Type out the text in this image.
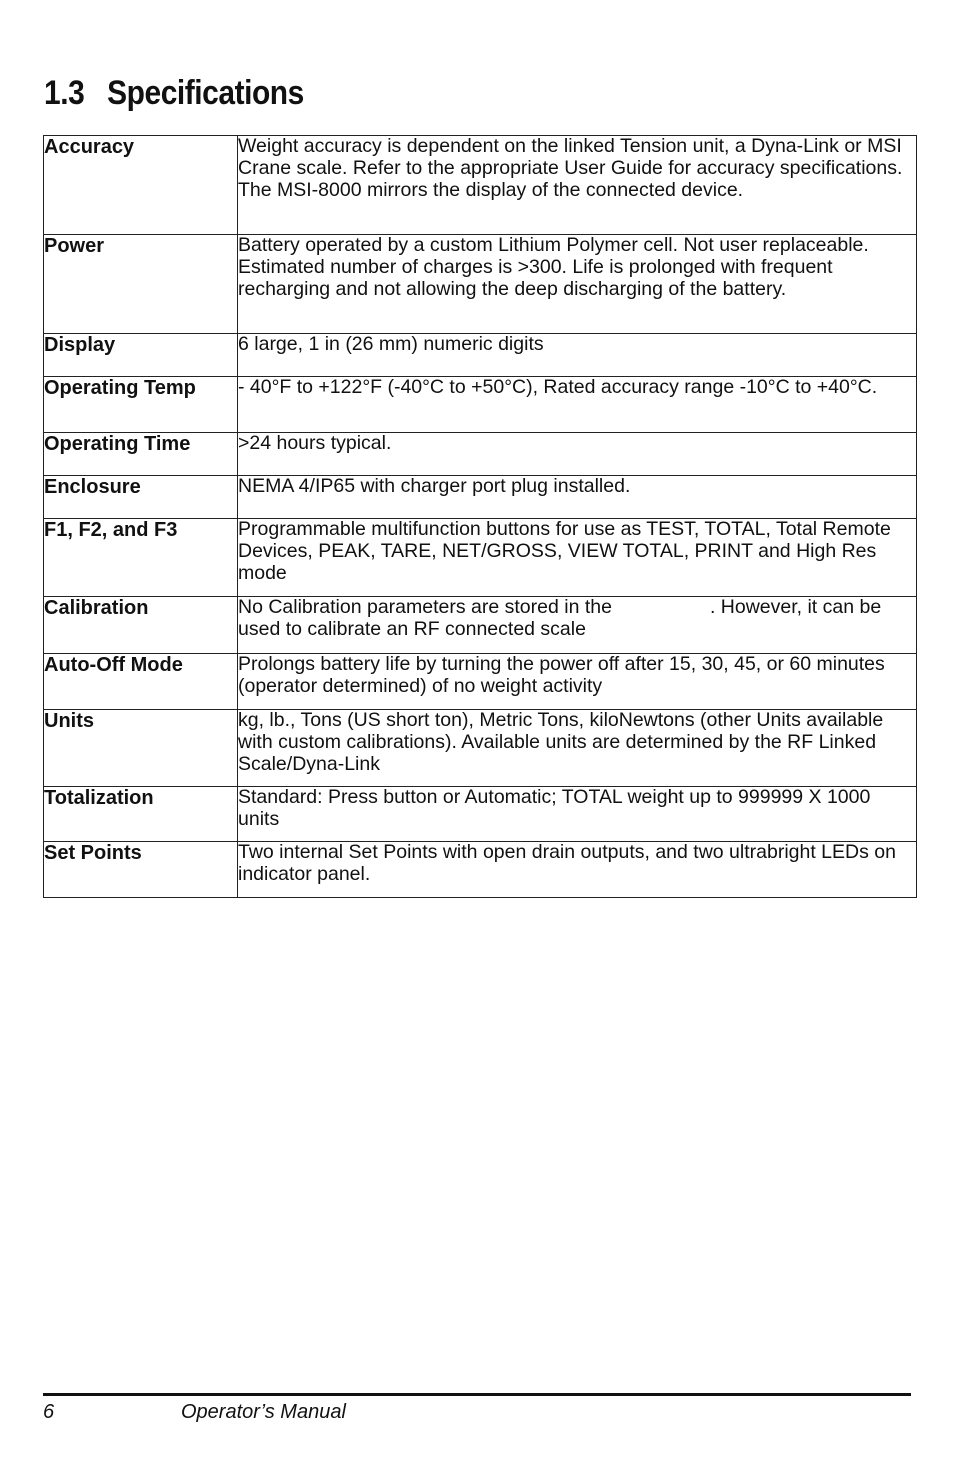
1.3 Specifications
Accuracy	Weight accuracy is dependent on the linked Tension unit, a Dyna-Link or MSI Crane scale. Refer to the appropriate User Guide for accuracy specifications. The MSI-8000 mirrors the display of the connected device.
Power	Battery operated by a custom Lithium Polymer cell. Not user replaceable. Estimated number of charges is >300. Life is prolonged with frequent recharging and not allowing the deep discharging of the battery.
Display	6 large, 1 in (26 mm) numeric digits
Operating Temp	- 40°F to +122°F (-40°C to +50°C), Rated accuracy range -10°C to +40°C.
Operating Time	>24 hours typical.
Enclosure	NEMA 4/IP65 with charger port plug installed.
F1, F2, and F3	Programmable multifunction buttons for use as TEST, TOTAL, Total Remote Devices, PEAK, TARE, NET/GROSS, VIEW TOTAL, PRINT and High Res mode
Calibration	No Calibration parameters are stored in the . However, it can be used to calibrate an RF connected scale
Auto-Off Mode	Prolongs battery life by turning the power off after 15, 30, 45, or 60 minutes (operator determined) of no weight activity
Units	kg, lb., Tons (US short ton), Metric Tons, kiloNewtons (other Units available with custom calibrations). Available units are determined by the RF Linked Scale/Dyna-Link
Totalization	Standard: Press button or Automatic; TOTAL weight up to 999999 X 1000 units
Set Points	Two internal Set Points with open drain outputs, and two ultrabright LEDs on indicator panel.
6	Operator’s Manual
